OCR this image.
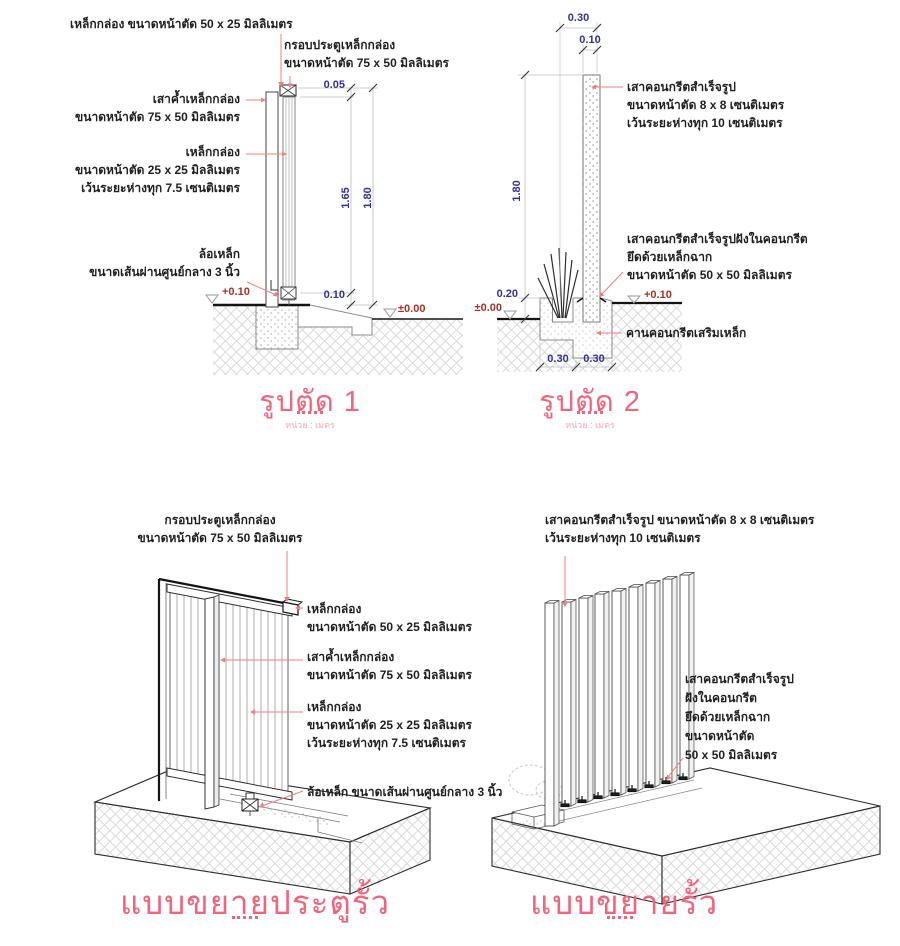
เหล็กกล่อง ขนาดหน้าตัด 50 x 25 มิลลิเมตร
กรอบประตูเหล็กกล่อง
ขนาดหน้าตัด 75 x 50 มิลลิเมตร
เสาค้ำเหล็กกล่อง
ขนาดหน้าตัด 75 x 50 มิลลิเมตร
เหล็กกล่อง
ขนาดหน้าตัด 25 x 25 มิลลิเมตร
เว้นระยะห่างทุก 7.5 เซนติเมตร
ล้อเหล็ก
ขนาดเส้นผ่านศูนย์กลาง 3 นิ้ว
0.05
1.65 1.80
0.10
+0.10
±0.00
รูปตัด 1
หน่วย : เมตร
0.30
0.10
1.80
0.20
0.30	0.30
±0.00
+0.10
เสาคอนกรีตสำเร็จรูป
ขนาดหน้าตัด 8 x 8 เซนติเมตร
เว้นระยะห่างทุก 10 เซนติเมตร
เสาคอนกรีตสำเร็จรูปฝังในคอนกรีต
ยึดด้วยเหล็กฉาก
ขนาดหน้าตัด 50 x 50 มิลลิเมตร
คานคอนกรีตเสริมเหล็ก
รูปตัด 2
หน่วย : เมตร
กรอบประตูเหล็กกล่อง
ขนาดหน้าตัด 75 x 50 มิลลิเมตร
เหล็กกล่อง
ขนาดหน้าตัด 50 x 25 มิลลิเมตร
เสาค้ำเหล็กกล่อง
ขนาดหน้าตัด 75 x 50 มิลลิเมตร
เหล็กกล่อง
ขนาดหน้าตัด 25 x 25 มิลลิเมตร
เว้นระยะห่างทุก 7.5 เซนติเมตร
ล้อเหล็ก ขนาดเส้นผ่านศูนย์กลาง 3 นิ้ว
แบบขยายประตูรั้ว
เสาคอนกรีตสำเร็จรูป ขนาดหน้าตัด 8 x 8 เซนติเมตร
เว้นระยะห่างทุก 10 เซนติเมตร
เสาคอนกรีตสำเร็จรูป
ฝังในคอนกรีต
ยึดด้วยเหล็กฉาก
ขนาดหน้าตัด
50 x 50 มิลลิเมตร
แบบขยายรั้ว
